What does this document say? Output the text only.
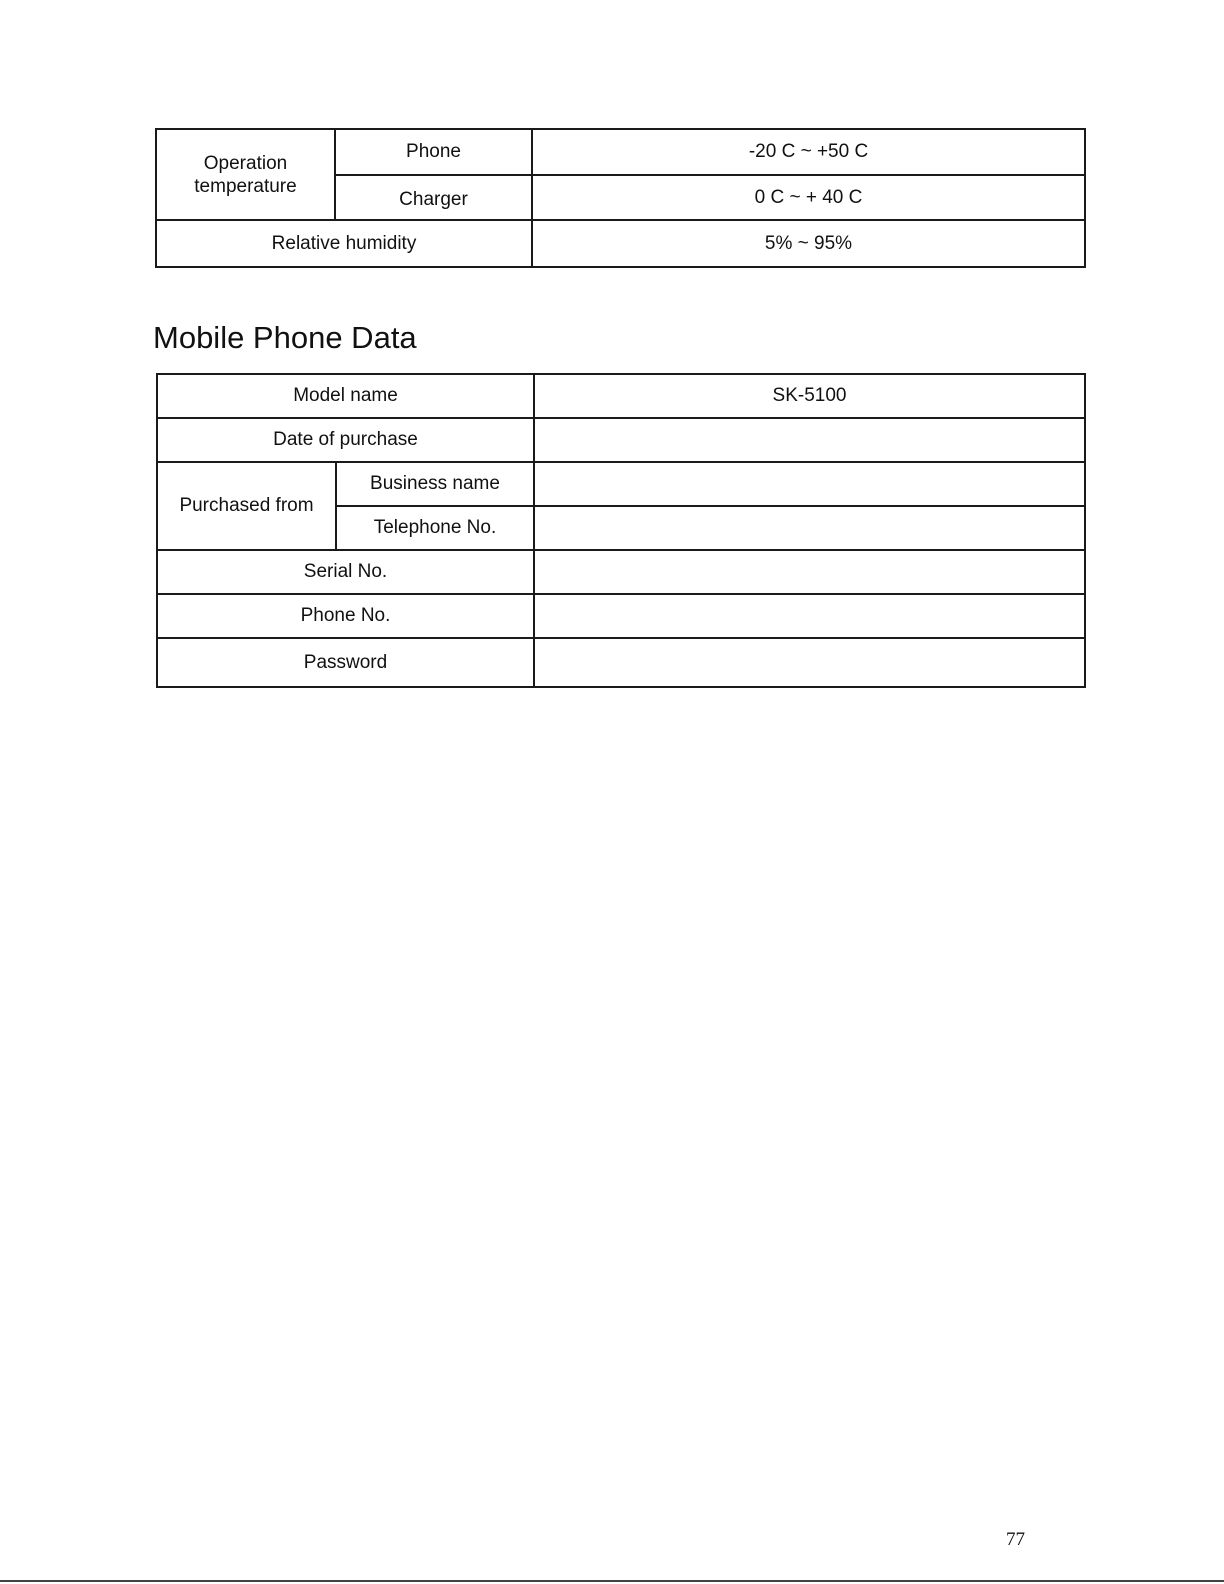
Operation temperature	Phone	-20 C ~ +50 C
	Charger	0 C ~ + 40 C
Relative humidity		5% ~ 95%
Mobile Phone Data
Model name		SK-5100
Date of purchase		
Purchased from	Business name	
	Telephone No.	
Serial No.		
Phone No.		
Password		
77
